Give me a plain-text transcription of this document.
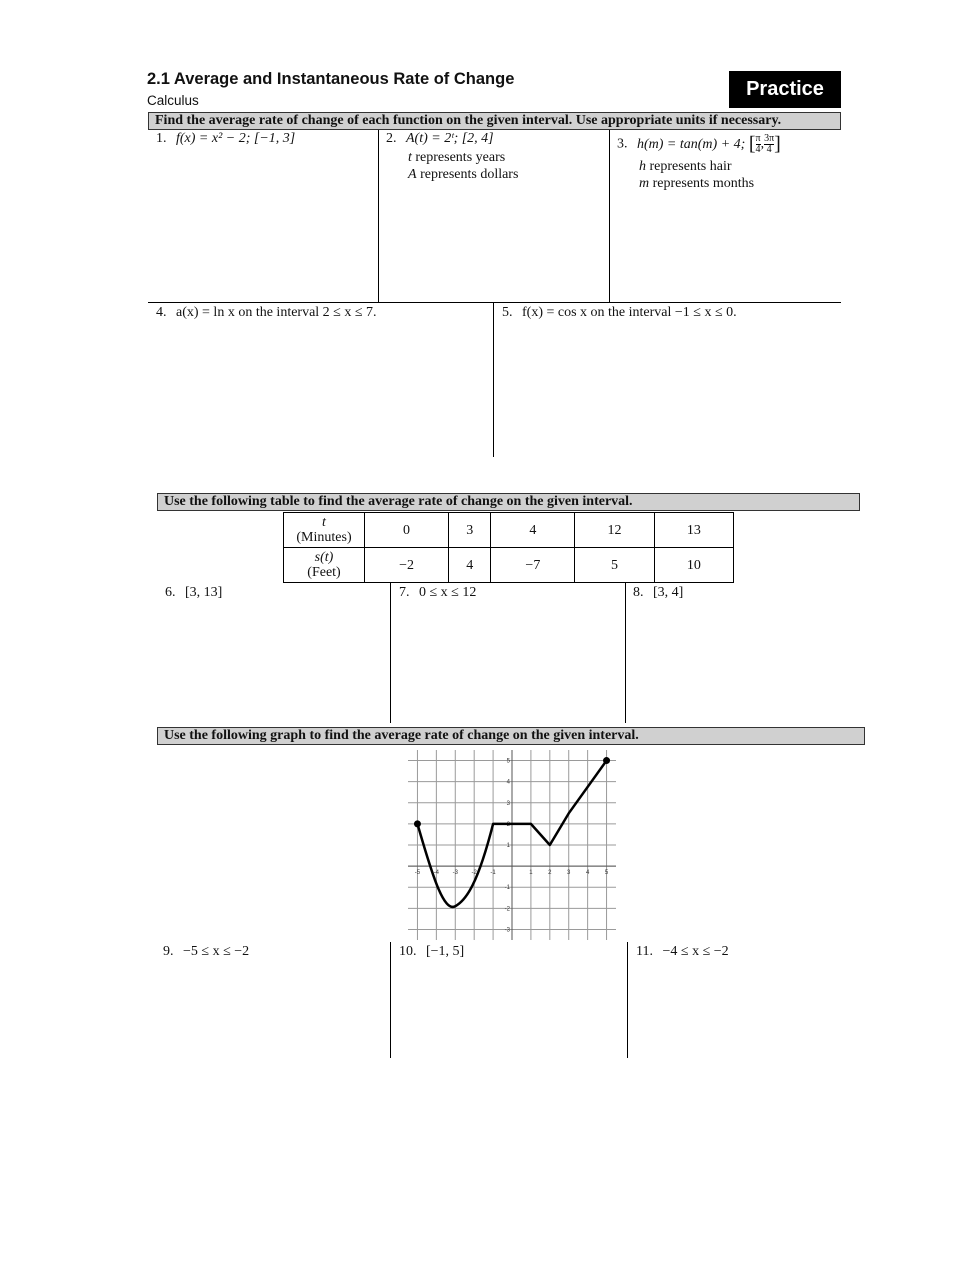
2.1 Average and Instantaneous Rate of Change
Calculus
Practice
Find the average rate of change of each function on the given interval. Use appropriate units if necessary.
1. f(x) = x² − 2; [−1, 3]	2. A(t) = 2ᵗ; [2, 4]
t represents years
A represents dollars
3. h(m) = tan(m) + 4; [ $\frac{\pi}{4}$ , $\frac{3\pi}{4}$ ]
h represents hair
m represents months
4. a(x) = ln x on the interval 2 ≤ x ≤ 7.	5. f(x) = cos x on the interval −1 ≤ x ≤ 0.
Use the following table to find the average rate of change on the given interval.
t
(Minutes)	0	3	4	12	13

s(t)
(Feet)	−2	4	−7	5	10
6. [3, 13]	7. 0 ≤ x ≤ 12	8. [3, 4]
Use the following graph to find the average rate of change on the given interval.
-5 -4 -3 -2 -1	1	2	3	4	5
5
4
3
2
1
-1
-2
-3
9. −5 ≤ x ≤ −2	10. [−1, 5]	11. −4 ≤ x ≤ −2
